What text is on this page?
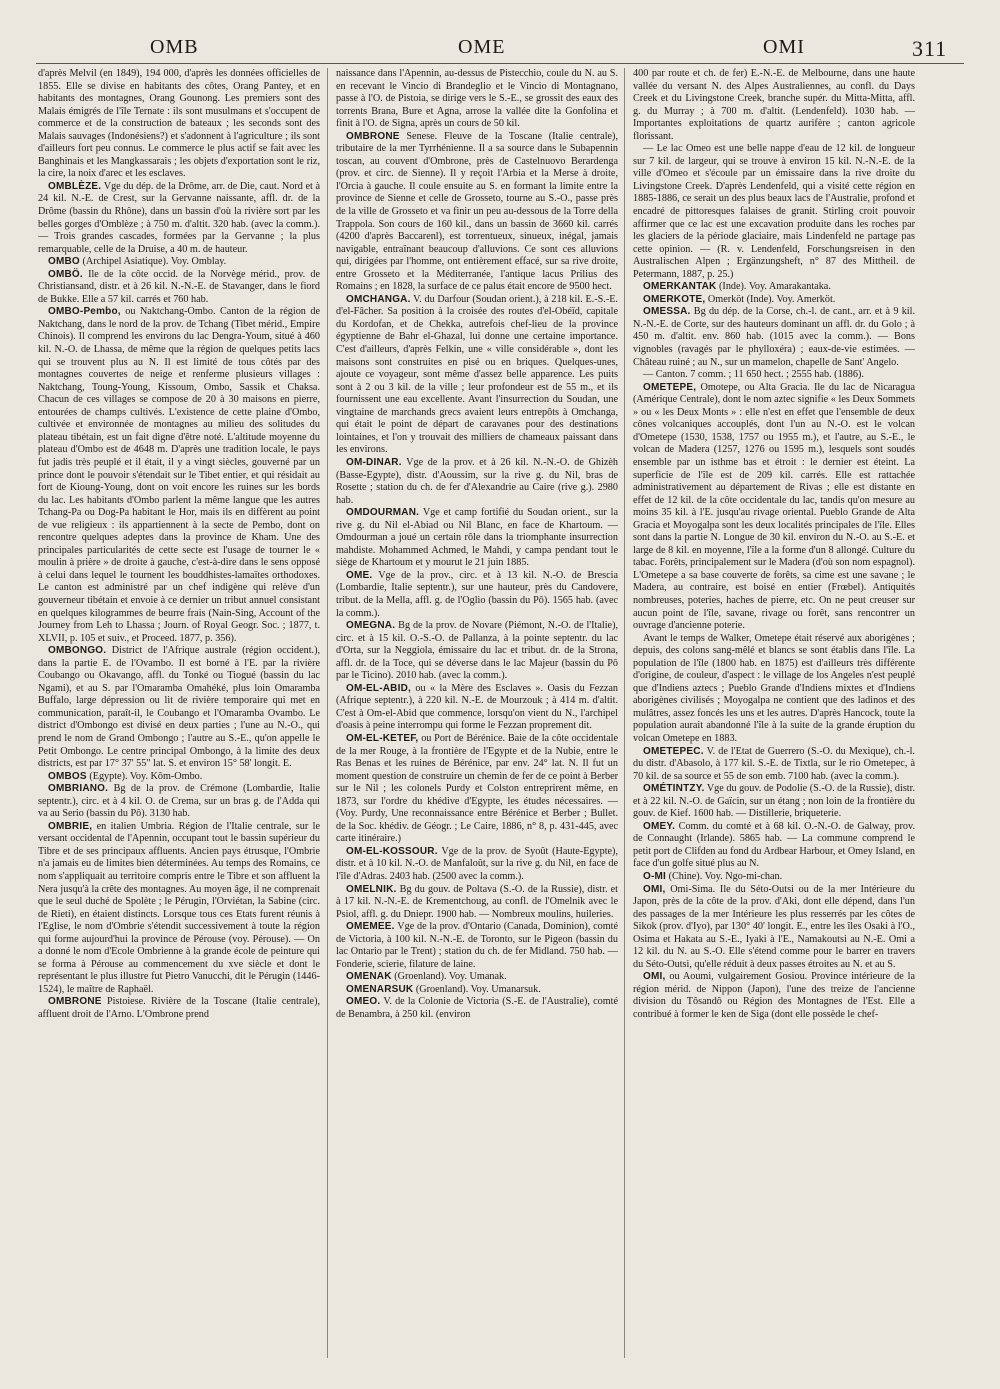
OMB	OME	OMI	311

d'après Melvil (en 1849), 194 000, d'après les données officielles de 1855. Elle se divise en habitants des côtes, Orang Pantey, et en habitants des montagnes, Orang Gounong. Les premiers sont des Malais émigrés de l'île Ternate : ils sont musulmans et s'occupent de commerce et de la construction de bateaux ; les seconds sont des Malais sauvages (Indonésiens?) et s'adonnent à l'agriculture ; ils sont d'ailleurs fort peu connus. Le commerce le plus actif se fait avec les Banghinais et les Mangkassarais ; les objets d'exportation sont le riz, la cire, la noix d'arec et les esclaves.

OMBLÈZE. Vge du dép. de la Drôme, arr. de Die, caut. Nord et à 24 kil. N.-E. de Crest, sur la Gervanne naissante, affl. dr. de la Drôme (bassin du Rhône), dans un bassin d'où la rivière sort par les belles gorges d'Omblèze ; à 750 m. d'altit. 320 hab. (avec la comm.). — Trois grandes cascades, formées par la Gervanne ; la plus remarquable, celle de la Druise, a 40 m. de hauteur.

OMBO (Archipel Asiatique). Voy. Omblay.

OMBÖ. Ile de la côte occid. de la Norvège mérid., prov. de Christiansand, distr. et à 26 kil. N.-N.-E. de Stavanger, dans le fiord de Bukke. Elle a 57 kil. carrés et 760 hab.

OMBO-Pembo, ou Naktchang-Ombo. Canton de la région de Naktchang, dans le nord de la prov. de Tchang (Tibet mérid., Empire Chinois). Il comprend les environs du lac Dengra-Youm, situé à 460 kil. N.-O. de Lhassa, de même que la région de quelques petits lacs qui se trouvent plus au N. Il est limité de tous côtés par des montagnes couvertes de neige et renferme plusieurs villages : Naktchang, Toung-Young, Kissoum, Ombo, Sassik et Chaksa. Chacun de ces villages se compose de 20 à 30 maisons en pierre, entourées de champs cultivés. L'existence de cette plaine d'Ombo, cultivée et environnée de montagnes au milieu des solitudes du plateau tibétain, est un fait digne d'être noté. L'altitude moyenne du plateau d'Ombo est de 4648 m. D'après une tradition locale, le pays fut jadis très peuplé et il était, il y a vingt siècles, gouverné par un prince dont le pouvoir s'étendait sur le Tibet entier, et qui résidait au fort de Kioung-Young, dont on voit encore les ruines sur les bords du lac. Les habitants d'Ombo parlent la même langue que les autres Tchang-Pa ou Dog-Pa habitant le Hor, mais ils en diffèrent au point de vue religieux : ils appartiennent à la secte de Pembo, dont on rencontre quelques adeptes dans la province de Kham. Une des principales particularités de cette secte est l'usage de tourner le « moulin à prière » de droite à gauche, c'est-à-dire dans le sens opposé à celui dans lequel le tournent les bouddhistes-lamaïtes orthodoxes. Le canton est administré par un chef indigène qui relève d'un gouverneur tibétain et envoie à ce dernier un tribut annuel consistant en quelques kilogrammes de beurre frais (Nain-Sing, Account of the Journey from Leh to Lhassa ; Journ. of Royal Geogr. Soc. ; 1877, t. XLVII, p. 105 et suiv., et Proceed. 1877, p. 356).

OMBONGO. District de l'Afrique australe (région occident.), dans la partie E. de l'Ovambo. Il est borné à l'E. par la rivière Coubango ou Okavango, affl. du Tonké ou Tiogué (bassin du lac Ngami), et au S. par l'Omaramba Omahéké, plus loin Omaramba Buffalo, large dépression ou lit de rivière temporaire qui met en communication, paraît-il, le Coubango et l'Omaramba Ovambo. Le district d'Ombongo est divisé en deux parties ; l'une au N.-O., qui prend le nom de Grand Ombongo ; l'autre au S.-E., qu'on appelle le Petit Ombongo. Le centre principal Ombongo, à la limite des deux districts, est par 17° 37' 55" lat. S. et environ 15° 58' longit. E.

OMBOS (Egypte). Voy. Kôm-Ombo.

OMBRIANO. Bg de la prov. de Crémone (Lombardie, Italie septentr.), circ. et à 4 kil. O. de Crema, sur un bras g. de l'Adda qui va au Serio (bassin du Pô). 3130 hab.

OMBRIE, en italien Umbria. Région de l'Italie centrale, sur le versant occidental de l'Apennin, occupant tout le bassin supérieur du Tibre et de ses principaux affluents. Ancien pays étrusque, l'Ombrie n'a jamais eu de limites bien déterminées. Au temps des Romains, ce nom s'appliquait au territoire compris entre le Tibre et son affluent la Nera jusqu'à la crête des montagnes. Au moyen âge, il ne comprenait que le seul duché de Spolète ; le Pérugin, l'Orviétan, la Sabine (circ. de Rieti), en étaient distincts. Lorsque tous ces Etats furent réunis à l'Eglise, le nom d'Ombrie s'étendit successivement à toute la région qui forme aujourd'hui la province de Pérouse (voy. Pérouse). — On a donné le nom d'Ecole Ombrienne à la grande école de peinture qui se forma à Pérouse au commencement du xve siècle et dont le représentant le plus illustre fut Pietro Vanucchi, dit le Pérugin (1446-1524), le maître de Raphaël.

OMBRONE Pistoiese. Rivière de la Toscane (Italie centrale), affluent droit de l'Arno. L'Ombrone prend

naissance dans l'Apennin, au-dessus de Pistecchio, coule du N. au S. en recevant le Vincio di Brandeglio et le Vincio di Montagnano, passe à l'O. de Pistoia, se dirige vers le S.-E., se grossit des eaux des torrents Brana, Bure et Agna, arrose la vallée dite la Gonfolina et finit à l'O. de Signa, après un cours de 50 kil.

OMBRONE Senese. Fleuve de la Toscane (Italie centrale), tributaire de la mer Tyrrhénienne. Il a sa source dans le Subapennin toscan, au couvent d'Ombrone, près de Castelnuovo Berardenga (prov. et circ. de Sienne). Il y reçoit l'Arbia et la Merse à droite, l'Orcia à gauche. Il coule ensuite au S. en formant la limite entre la province de Sienne et celle de Grosseto, tourne au S.-O., passe près de la ville de Grosseto et va finir un peu au-dessous de la Torre della Trappola. Son cours de 160 kil., dans un bassin de 3660 kil. carrés (4200 d'après Baccarenl), est torrentueux, sinueux, inégal, jamais navigable, entraînant beaucoup d'alluvions. Ce sont ces alluvions qui, dirigées par l'homme, ont entièrement effacé, sur sa rive droite, entre Grosseto et la Méditerranée, l'antique lacus Prilius des Romains ; en 1828, la surface de ce palus était encore de 9500 hect.

OMCHANGA. V. du Darfour (Soudan orient.), à 218 kil. E.-S.-E. d'el-Fâcher. Sa position à la croisée des routes d'el-Obéïd, capitale du Kordofan, et de Chekka, autrefois chef-lieu de la province égyptienne de Bahr el-Ghazal, lui donne une certaine importance. C'est d'ailleurs, d'après Felkin, une « ville considérable », dont les maisons sont construites en pisé ou en briques. Quelques-unes, ajoute ce voyageur, sont même d'assez belle apparence. Les puits sont à 2 ou 3 kil. de la ville ; leur profondeur est de 55 m., et ils fournissent une eau excellente. Avant l'insurrection du Soudan, une vingtaine de marchands grecs avaient leurs entrepôts à Omchanga, qui était le point de départ de caravanes pour des destinations lointaines, et l'on y trouvait des milliers de chameaux paissant dans les environs.

OM-DINAR. Vge de la prov. et à 26 kil. N.-N.-O. de Ghizèh (Basse-Egypte), distr. d'Aoussim, sur la rive g. du Nil, bras de Rosette ; station du ch. de fer d'Alexandrie au Caire (rive g.). 2980 hab.

OMDOURMAN. Vge et camp fortifié du Soudan orient., sur la rive g. du Nil el-Abiad ou Nil Blanc, en face de Khartoum. — Omdourman a joué un certain rôle dans la triomphante insurrection mahdiste. Mohammed Achmed, le Mahdi, y campa pendant tout le siège de Khartoum et y mourut le 21 juin 1885.

OME. Vge de la prov., circ. et à 13 kil. N.-O. de Brescia (Lombardie, Italie septentr.), sur une hauteur, près du Candovere, tribut. de la Mella, affl. g. de l'Oglio (bassin du Pô). 1565 hab. (avec la comm.).

OMEGNA. Bg de la prov. de Novare (Piémont, N.-O. de l'Italie), circ. et à 15 kil. O.-S.-O. de Pallanza, à la pointe septentr. du lac d'Orta, sur la Neggiola, émissaire du lac et tribut. dr. de la Strona, affl. dr. de la Toce, qui se déverse dans le lac Majeur (bassin du Pô par le Ticino). 2010 hab. (avec la comm.).

OM-EL-ABID, ou « la Mère des Esclaves ». Oasis du Fezzan (Afrique septentr.), à 220 kil. N.-E. de Mourzouk ; à 414 m. d'altit. C'est à Om-el-Abid que commence, lorsqu'on vient du N., l'archipel d'oasis à peine interrompu qui forme le Fezzan proprement dit.

OM-EL-KETEF, ou Port de Bérénice. Baie de la côte occidentale de la mer Rouge, à la frontière de l'Egypte et de la Nubie, entre le Ras Benas et les ruines de Bérénice, par env. 24° lat. N. Il fut un moment question de construire un chemin de fer de ce point à Berber sur le Nil ; les colonels Purdy et Colston entreprirent même, en 1873, sur l'ordre du khédive d'Egypte, les études nécessaires. — (Voy. Purdy, Une reconnaissance entre Bérénice et Berber ; Bullet. de la Soc. khédiv. de Géogr. ; Le Caire, 1886, n° 8, p. 431-445, avec carte itinéraire.)

OM-EL-KOSSOUR. Vge de la prov. de Syoût (Haute-Egypte), distr. et à 10 kil. N.-O. de Manfaloût, sur la rive g. du Nil, en face de l'île d'Adras. 2403 hab. (2500 avec la comm.).

OMELNIK. Bg du gouv. de Poltava (S.-O. de la Russie), distr. et à 17 kil. N.-N.-E. de Krementchoug, au confl. de l'Omelnik avec le Psiol, affl. g. du Dniepr. 1900 hab. — Nombreux moulins, huileries.

OMEMEE. Vge de la prov. d'Ontario (Canada, Dominion), comté de Victoria, à 100 kil. N.-N.-E. de Toronto, sur le Pigeon (bassin du lac Ontario par le Trent) ; station du ch. de fer Midland. 750 hab. — Fonderie, scierie, filature de laine.

OMENAK (Groenland). Voy. Umanak.

OMENARSUK (Groenland). Voy. Umanarsuk.

OMEO. V. de la Colonie de Victoria (S.-E. de l'Australie), comté de Benambra, à 250 kil. (environ

400 par route et ch. de fer) E.-N.-E. de Melbourne, dans une haute vallée du versant N. des Alpes Australiennes, au confl. du Days Creek et du Livingstone Creek, branche supér. du Mitta-Mitta, affl. g. du Murray ; à 700 m. d'altit. (Lendenfeld). 1030 hab. — Importantes exploitations de quartz aurifère ; canton agricole florissant.

— Le lac Omeo est une belle nappe d'eau de 12 kil. de longueur sur 7 kil. de largeur, qui se trouve à environ 15 kil. N.-N.-E. de la ville d'Omeo et s'écoule par un émissaire dans la rive droite du Livingstone Creek. D'après Lendenfeld, qui a visité cette région en 1885-1886, ce serait un des plus beaux lacs de l'Australie, profond et encadré de pittoresques falaises de granit. Stirling croit pouvoir affirmer que ce lac est une excavation produite dans les roches par les glaciers de la période glaciaire, mais Lindenfeld ne partage pas cette opinion. — (R. v. Lendenfeld, Forschungsreisen in den Australischen Alpen ; Ergänzungsheft, n° 87 des Mittheil. de Petermann, 1887, p. 25.)

OMERKANTAK (Inde). Voy. Amarakantaka.

OMERKOTE, Omerköt (Inde). Voy. Amerköt.

OMESSA. Bg du dép. de la Corse, ch.-l. de cant., arr. et à 9 kil. N.-N.-E. de Corte, sur des hauteurs dominant un affl. dr. du Golo ; à 450 m. d'altit. env. 860 hab. (1015 avec la comm.). — Bons vignobles (ravagés par le phylloxéra) ; eaux-de-vie estimées. — Château ruiné ; au N., sur un mamelon, chapelle de Sant' Angelo.

— Canton. 7 comm. ; 11 650 hect. ; 2555 hab. (1886).

OMETEPE, Omotepe, ou Alta Gracia. Ile du lac de Nicaragua (Amérique Centrale), dont le nom aztec signifie « les Deux Sommets » ou « les Deux Monts » : elle n'est en effet que l'ensemble de deux cônes volcaniques accouplés, dont l'un au N.-O. est le volcan d'Ometepe (1530, 1538, 1757 ou 1955 m.), et l'autre, au S.-E., le volcan de Madera (1257, 1276 ou 1595 m.), lesquels sont soudés ensemble par un isthme bas et étroit : le dernier est éteint. La superficie de l'île est de 209 kil. carrés. Elle est rattachée administrativement au département de Rivas ; elle est distante en effet de 12 kil. de la côte occidentale du lac, tandis qu'on mesure au moins 35 kil. à l'E. jusqu'au rivage oriental. Pueblo Grande de Alta Gracia et Moyogalpa sont les deux localités principales de l'île. Elles sont dans la partie N. Longue de 30 kil. environ du N.-O. au S.-E. et large de 8 kil. en moyenne, l'île a la forme d'un 8 allongé. Culture du tabac. Forêts, principalement sur le Madera (d'où son nom espagnol). L'Ometepe a sa base couverte de forêts, sa cime est une savane ; le Madera, au contraire, est boisé en entier (Frœbel). Antiquités nombreuses, poteries, haches de pierre, etc. On ne peut creuser sur aucun point de l'île, savane, rivage ou forêt, sans rencontrer un ouvrage d'ancienne poterie.

Avant le temps de Walker, Ometepe était réservé aux aborigènes ; depuis, des colons sang-mêlé et blancs se sont établis dans l'île. La population de l'île (1800 hab. en 1875) est d'ailleurs très différente d'origine, de couleur, d'aspect : le village de los Angeles n'est peuplé que d'Indiens aztecs ; Pueblo Grande d'Indiens mixtes et d'Indiens aborigènes civilisés ; Moyogalpa ne contient que des ladinos et des mulâtres, assez foncés les uns et les autres. D'après Hancock, toute la population aurait abandonné l'île à la suite de la grande éruption du volcan Ometepe en 1883.

OMETEPEC. V. de l'Etat de Guerrero (S.-O. du Mexique), ch.-l. du distr. d'Abasolo, à 177 kil. S.-E. de Tixtla, sur le rio Ometepec, à 70 kil. de sa source et 55 de son emb. 7100 hab. (avec la comm.).

OMÉTINTZY. Vge du gouv. de Podolie (S.-O. de la Russie), distr. et à 22 kil. N.-O. de Gaïcin, sur un étang ; non loin de la frontière du gouv. de Kief. 1600 hab. — Distillerie, briqueterie.

OMEY. Comm. du comté et à 68 kil. O.-N.-O. de Galway, prov. de Connaught (Irlande). 5865 hab. — La commune comprend le petit port de Clifden au fond du Ardbear Harbour, et Omey Island, en face d'un golfe situé plus au N.

O-MI (Chine). Voy. Ngo-mi-chan.

OMI, Omi-Sima. Ile du Séto-Outsi ou de la mer Intérieure du Japon, près de la côte de la prov. d'Aki, dont elle dépend, dans l'un des passages de la mer Intérieure les plus resserrés par les côtes de Sikok (prov. d'Iyo), par 130° 40' longit. E., entre les îles Osaki à l'O., Osima et Hakata au S.-E., Iyaki à l'E., Namakoutsi au N.-E. Omi a 12 kil. du N. au S.-O. Elle s'étend comme pour le barrer en travers du Séto-Outsi, qu'elle réduit à deux passes étroites au N. et au S.

OMI, ou Aoumi, vulgairement Gosiou. Province intérieure de la région mérid. de Nippon (Japon), l'une des treize de l'ancienne division du Tôsandô ou Région des Montagnes de l'Est. Elle a contribué à former le ken de Siga (dont elle possède le chef-
